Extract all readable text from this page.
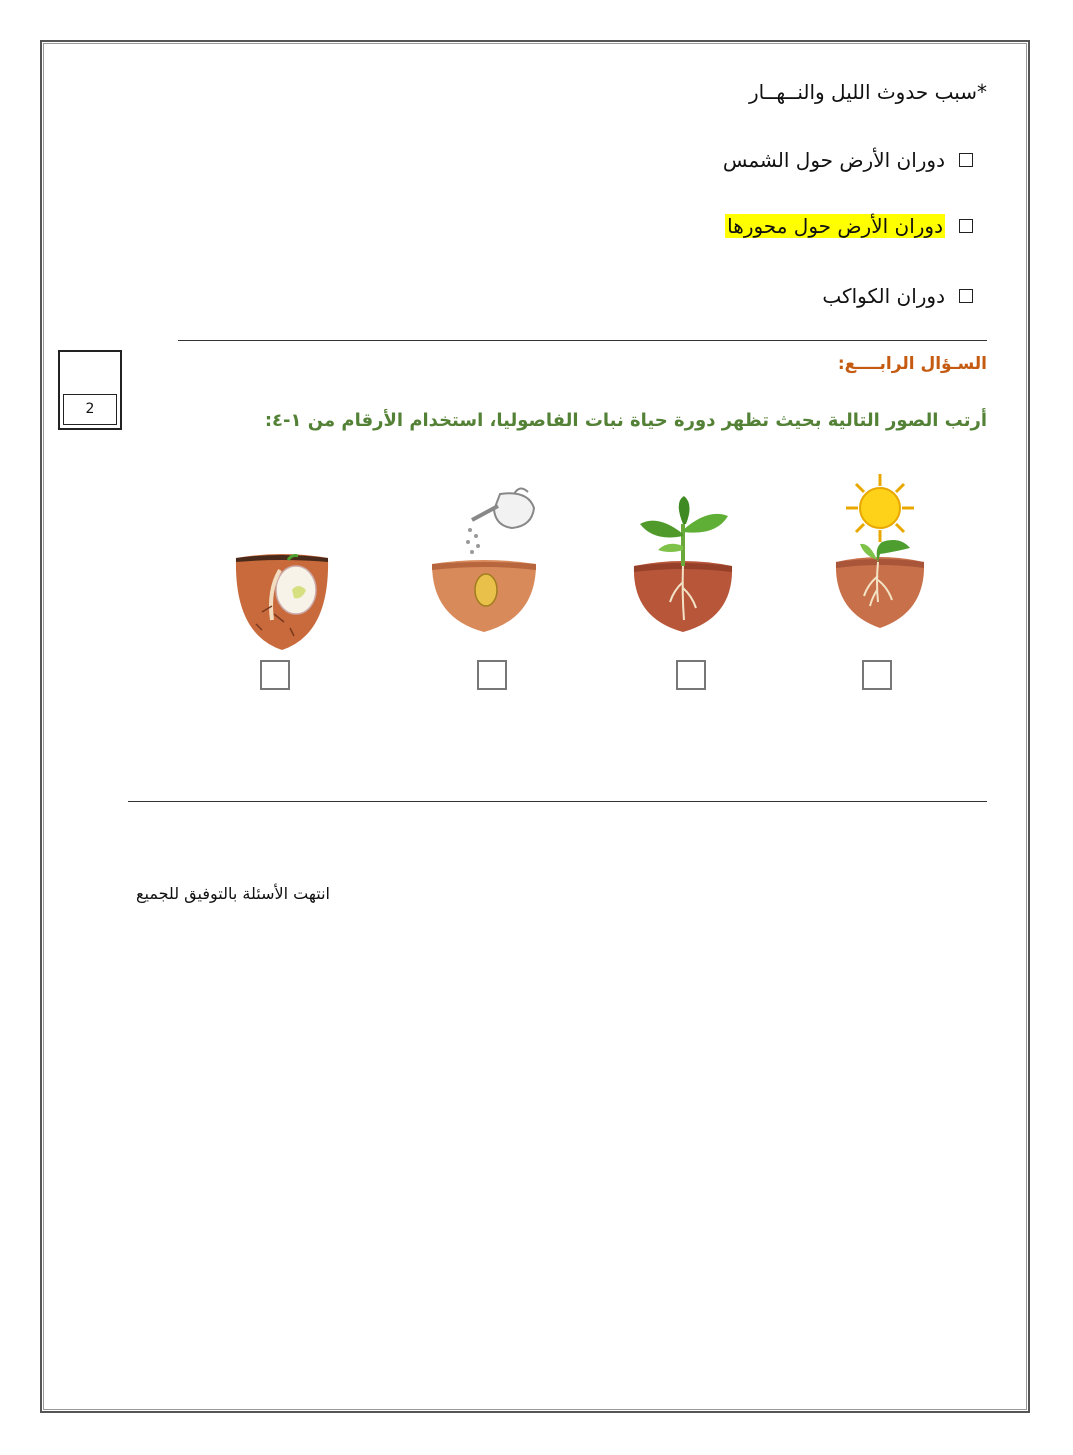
*سبب حدوث الليل والنــهــار
دوران الأرض حول الشمس
دوران الأرض حول محورها
دوران الكواكب
2
السـؤال الرابــــع:
أرتب الصور التالية بحيث تظهر دورة حياة نبات الفاصوليا، استخدام الأرقام من ١-٤:
انتهت الأسئلة بالتوفيق للجميع
